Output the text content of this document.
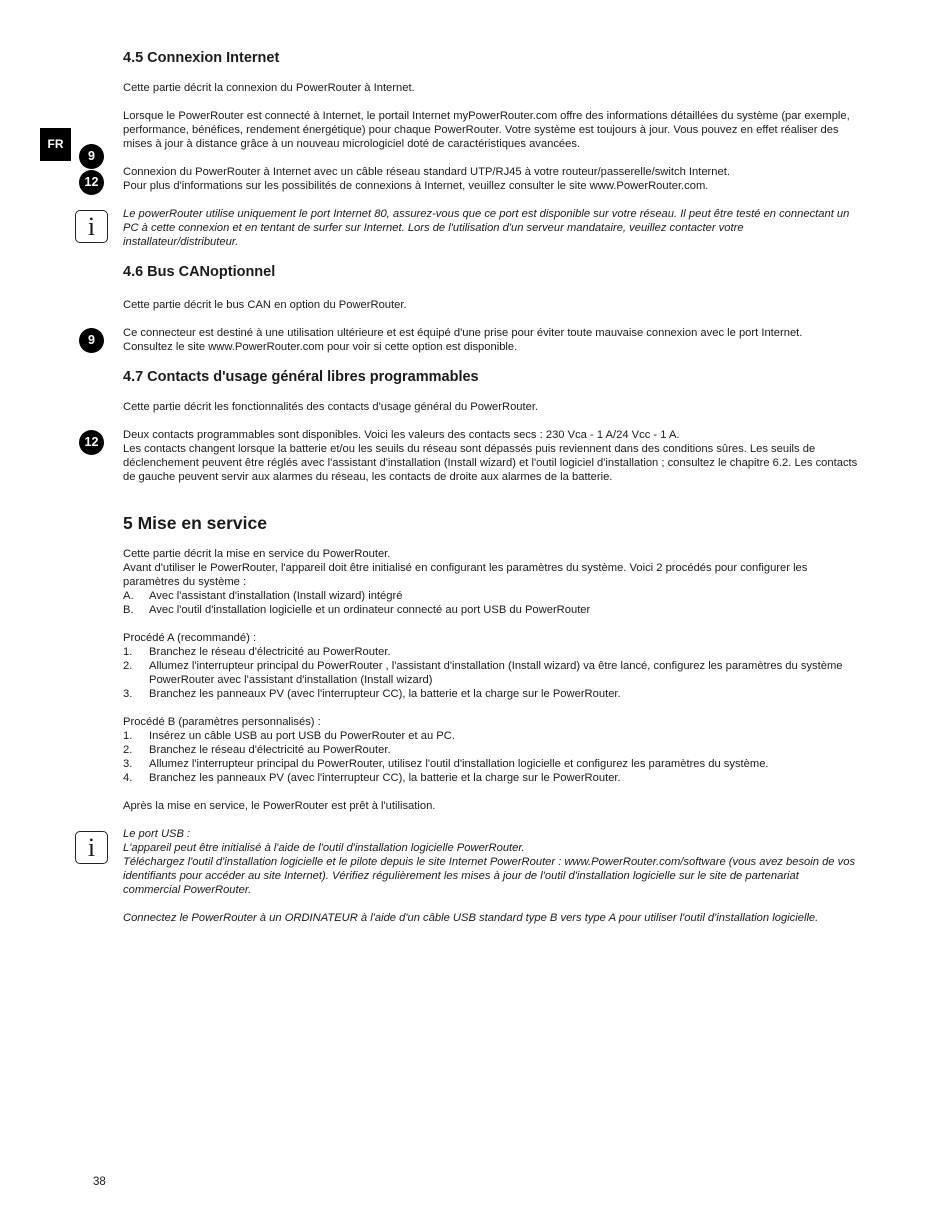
FR
9
12
i
9
12
i
4.5 Connexion Internet
Cette partie décrit la connexion du PowerRouter à Internet.
Lorsque le PowerRouter est connecté à Internet, le portail Internet myPowerRouter.com offre des informations détaillées du système (par exemple, performance, bénéfices, rendement énergétique) pour chaque PowerRouter. Votre système est toujours à jour. Vous pouvez en effet réaliser des mises à jour à distance grâce à un nouveau micrologiciel doté de caractéristiques avancées.
Connexion du PowerRouter à Internet avec un câble réseau standard UTP/RJ45 à votre routeur/passerelle/switch Internet.
Pour plus d'informations sur les possibilités de connexions à Internet, veuillez consulter le site www.PowerRouter.com.
Le powerRouter utilise uniquement le port Internet 80, assurez-vous que ce port est disponible sur votre réseau. Il peut être testé en connectant un PC à cette connexion et en tentant de surfer sur Internet. Lors de l'utilisation d'un serveur mandataire, veuillez contacter votre installateur/distributeur.
4.6 Bus CANoptionnel
Cette partie décrit le bus CAN en option du PowerRouter.
Ce connecteur est destiné à une utilisation ultérieure et est équipé d'une prise pour éviter toute mauvaise connexion avec le port Internet.
Consultez le site www.PowerRouter.com pour voir si cette option est disponible.
4.7 Contacts d'usage général libres programmables
Cette partie décrit les fonctionnalités des contacts d'usage général du PowerRouter.
Deux contacts programmables sont disponibles. Voici les valeurs des contacts secs : 230 Vca - 1 A/24 Vcc - 1 A.
Les contacts changent lorsque la batterie et/ou les seuils du réseau sont dépassés puis reviennent dans des conditions sûres. Les seuils de déclenchement peuvent être réglés avec l'assistant d'installation (Install wizard) et l'outil logiciel d'installation ; consultez le chapitre 6.2. Les contacts de gauche peuvent servir aux alarmes du réseau, les contacts de droite aux alarmes de la batterie.
5 Mise en service
Cette partie décrit la mise en service du PowerRouter.
Avant d'utiliser le PowerRouter, l'appareil doit être initialisé en configurant les paramètres du système. Voici 2 procédés pour configurer les paramètres du système :
A. Avec l'assistant d'installation (Install wizard) intégré
B. Avec l'outil d'installation logicielle et un ordinateur connecté au port USB du PowerRouter
Procédé A (recommandé) :
1. Branchez le réseau d'électricité au PowerRouter.
2. Allumez l'interrupteur principal du PowerRouter , l'assistant d'installation (Install wizard) va être lancé, configurez les paramètres du système PowerRouter avec l'assistant d'installation (Install wizard)
3. Branchez les panneaux PV (avec l'interrupteur CC), la batterie et la charge sur le PowerRouter.
Procédé B (paramètres personnalisés) :
1. Insérez un câble USB au port USB du PowerRouter et au PC.
2. Branchez le réseau d'électricité au PowerRouter.
3. Allumez l'interrupteur principal du PowerRouter, utilisez l'outil d'installation logicielle et configurez les paramètres du système.
4. Branchez les panneaux PV (avec l'interrupteur CC), la batterie et la charge sur le PowerRouter.
Après la mise en service, le PowerRouter est prêt à l'utilisation.
Le port USB :
L'appareil peut être initialisé à l'aide de l'outil d'installation logicielle PowerRouter.
Téléchargez l'outil d'installation logicielle et le pilote depuis le site Internet PowerRouter : www.PowerRouter.com/software (vous avez besoin de vos identifiants pour accéder au site Internet). Vérifiez régulièrement les mises à jour de l'outil d'installation logicielle sur le site de partenariat commercial PowerRouter.
Connectez le PowerRouter à un ORDINATEUR à l'aide d'un câble USB standard type B vers type A pour utiliser l'outil d'installation logicielle.
38
